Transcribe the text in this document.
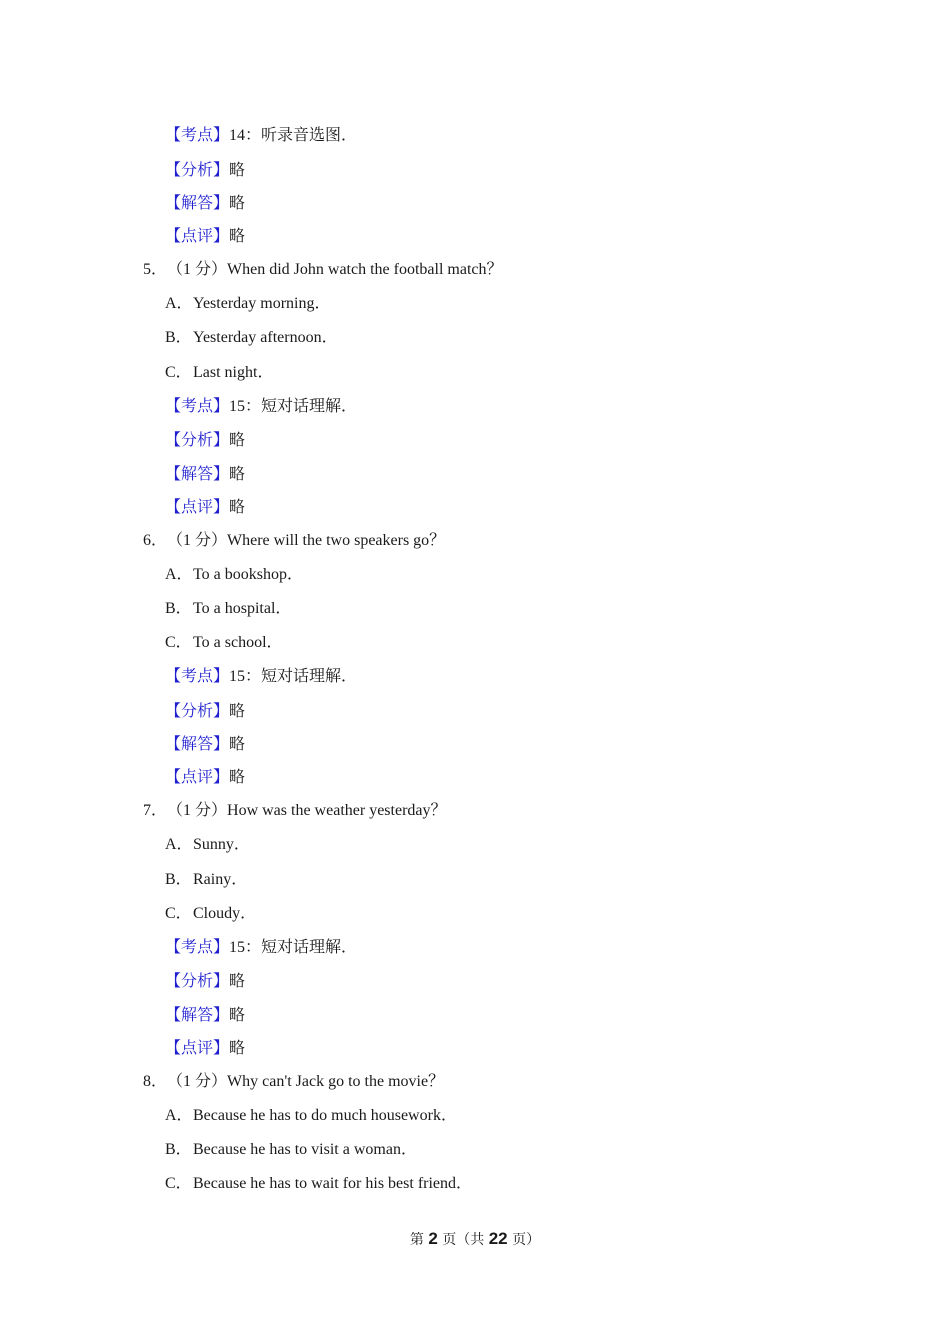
【考点】14：听录音选图．
【分析】略
【解答】略
【点评】略
5．（1 分）When did John watch the football match？
A．Yesterday morning．
B．Yesterday afternoon．
C．Last night．
【考点】15：短对话理解．
【分析】略
【解答】略
【点评】略
6．（1 分）Where will the two speakers go？
A．To a bookshop．
B．To a hospital．
C．To a school．
【考点】15：短对话理解．
【分析】略
【解答】略
【点评】略
7．（1 分）How was the weather yesterday？
A．Sunny．
B．Rainy．
C．Cloudy．
【考点】15：短对话理解．
【分析】略
【解答】略
【点评】略
8．（1 分）Why can't Jack go to the movie？
A．Because he has to do much housework．
B．Because he has to visit a woman．
C．Because he has to wait for his best friend．
第 2 页（共 22 页）
